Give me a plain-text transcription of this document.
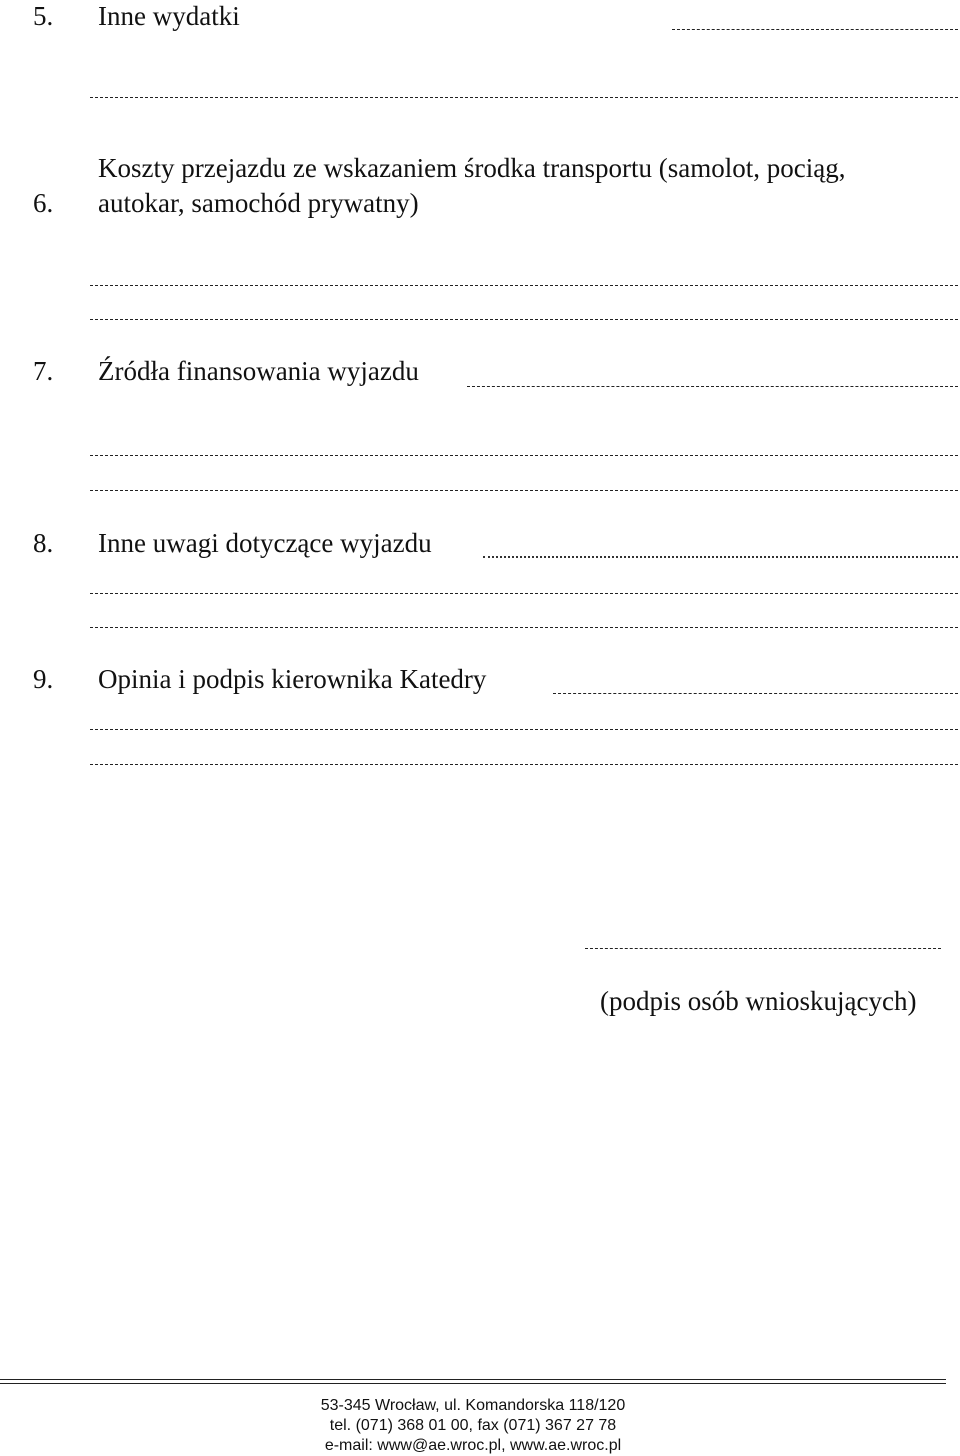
5. Inne wydatki
Koszty przejazdu ze wskazaniem środka transportu (samolot, pociąg,
6. autokar, samochód prywatny)
7. Źródła finansowania wyjazdu
8. Inne uwagi dotyczące wyjazdu
9. Opinia i podpis kierownika Katedry
(podpis osób wnioskujących)
53-345 Wrocław, ul. Komandorska 118/120
tel. (071) 368 01 00, fax (071) 367 27 78
e-mail: www@ae.wroc.pl, www.ae.wroc.pl
